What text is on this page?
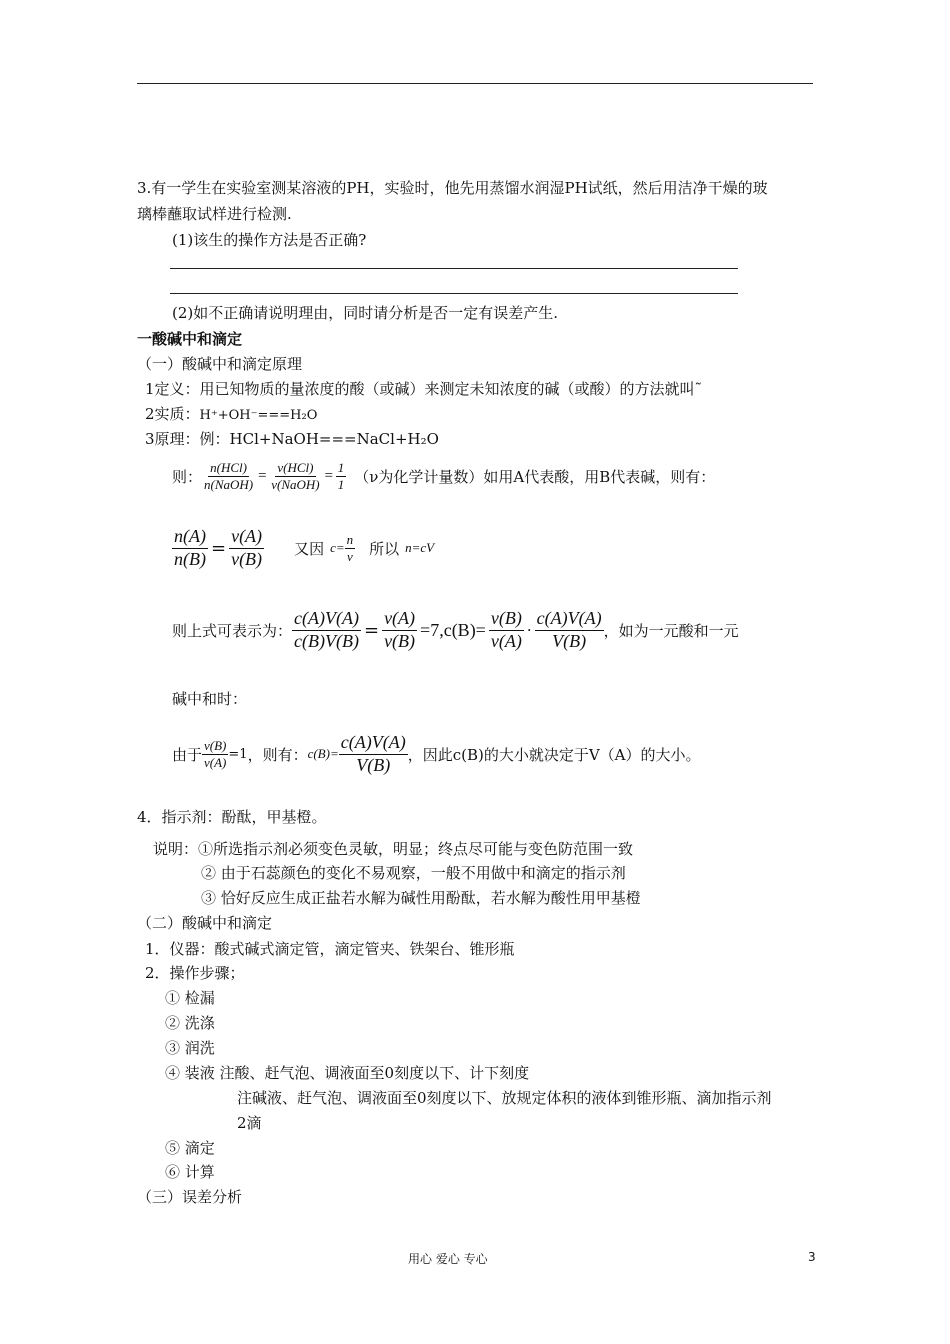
3.有一学生在实验室测某溶液的PH，实验时，他先用蒸馏水润湿PH试纸，然后用洁净干燥的玻
璃棒蘸取试样进行检测.
(1)该生的操作方法是否正确?
(2)如不正确请说明理由，同时请分析是否一定有误差产生.
一酸碱中和滴定
（一）酸碱中和滴定原理
1定义：用已知物质的量浓度的酸（或碱）来测定未知浓度的碱（或酸）的方法就叫˜
2实质：H⁺+OH⁻===H₂O
3原理：例：HCl+NaOH===NaCl+H₂O
则： $\frac{\text{n(HCl)}}{\text{n(NaOH)}} = \frac{\text{v(HCl)}}{\text{v(NaOH)}} = \frac{1}{1} (\nu$为化学计量数）如用A代表酸，用B代表碱，则有：
$\frac{n(A)}{n(B)} = \frac{v(A)}{v(B)}$ 又因 $c= \frac{n}{v}$ 所以 n=cV
则上式可表示为： $\frac{c(A)V(A)}{c(B)V(B)} = \frac{v(A)}{v(B)} =7,c(B)= \frac{v(B)}{v(A)} \cdot \frac{c(A)V(A)}{V(B)}$ ，如为一元酸和一元
碱中和时：
由于 $\frac{v(B)}{v(A)} =1$ ，则有： $c(B)= \frac{c(A)V(A)}{V(B)}$ ，因此c(B)的大小就决定于V（A）的大小。
4．指示剂：酚酞，甲基橙。
说明：①所选指示剂必须变色灵敏，明显；终点尽可能与变色防范围一致
② 由于石蕊颜色的变化不易观察，一般不用做中和滴定的指示剂
③ 恰好反应生成正盐若水解为碱性用酚酞，若水解为酸性用甲基橙
（二）酸碱中和滴定
1．仪器：酸式碱式滴定管，滴定管夹、铁架台、锥形瓶
2．操作步骤；
① 检漏
② 洗涤
③ 润洗
④ 装液 注酸、赶气泡、调液面至0刻度以下、计下刻度
注碱液、赶气泡、调液面至0刻度以下、放规定体积的液体到锥形瓶、滴加指示剂
2滴
⑤ 滴定
⑥ 计算
（三）误差分析
用心 爱心 专心	3
